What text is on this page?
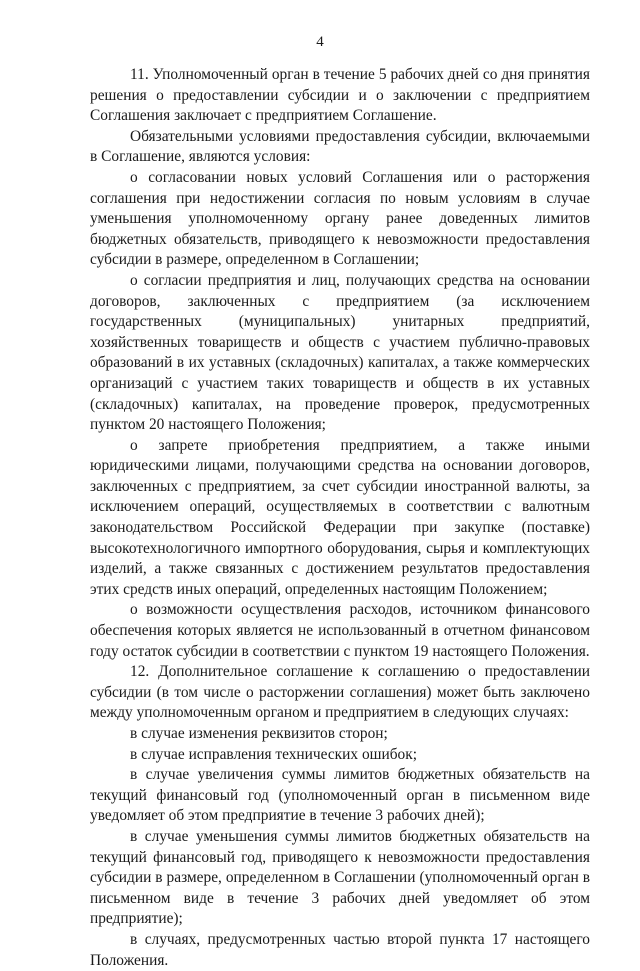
4

11. Уполномоченный орган в течение 5 рабочих дней со дня принятия решения о предоставлении субсидии и о заключении с предприятием Соглашения заключает с предприятием Соглашение.

Обязательными условиями предоставления субсидии, включаемыми в Соглашение, являются условия:

о согласовании новых условий Соглашения или о расторжения соглашения при недостижении согласия по новым условиям в случае уменьшения уполномоченному органу ранее доведенных лимитов бюджетных обязательств, приводящего к невозможности предоставления субсидии в размере, определенном в Соглашении;

о согласии предприятия и лиц, получающих средства на основании договоров, заключенных с предприятием (за исключением государственных (муниципальных) унитарных предприятий, хозяйственных товариществ и обществ с участием публично-правовых образований в их уставных (складочных) капиталах, а также коммерческих организаций с участием таких товариществ и обществ в их уставных (складочных) капиталах, на проведение проверок, предусмотренных пунктом 20 настоящего Положения;

о запрете приобретения предприятием, а также иными юридическими лицами, получающими средства на основании договоров, заключенных с предприятием, за счет субсидии иностранной валюты, за исключением операций, осуществляемых в соответствии с валютным законодательством Российской Федерации при закупке (поставке) высокотехнологичного импортного оборудования, сырья и комплектующих изделий, а также связанных с достижением результатов предоставления этих средств иных операций, определенных настоящим Положением;

о возможности осуществления расходов, источником финансового обеспечения которых является не использованный в отчетном финансовом году остаток субсидии в соответствии с пунктом 19 настоящего Положения.

12. Дополнительное соглашение к соглашению о предоставлении субсидии (в том числе о расторжении соглашения) может быть заключено между уполномоченным органом и предприятием в следующих случаях:

в случае изменения реквизитов сторон;

в случае исправления технических ошибок;

в случае увеличения суммы лимитов бюджетных обязательств на текущий финансовый год (уполномоченный орган в письменном виде уведомляет об этом предприятие в течение 3 рабочих дней);

в случае уменьшения суммы лимитов бюджетных обязательств на текущий финансовый год, приводящего к невозможности предоставления субсидии в размере, определенном в Соглашении (уполномоченный орган в письменном виде в течение 3 рабочих дней уведомляет об этом предприятие);

в случаях, предусмотренных частью второй пункта 17 настоящего Положения.
